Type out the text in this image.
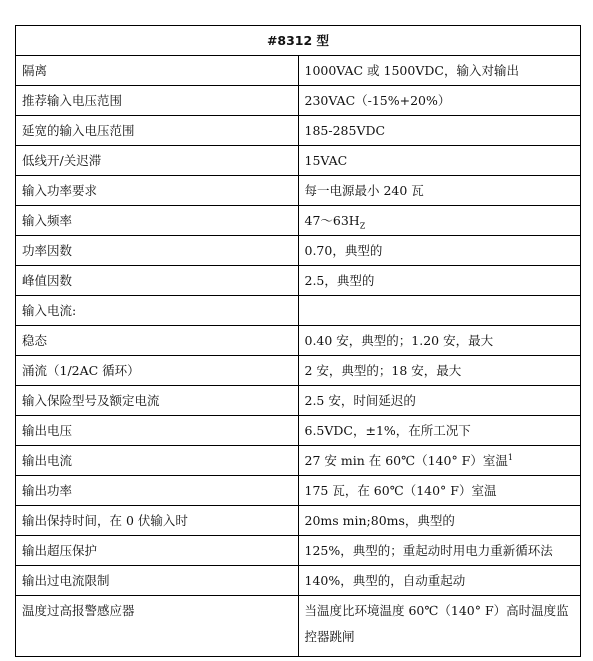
#8312 型	
隔离	1000VAC 或 1500VDC，输入对输出
推荐输入电压范围	230VAC（-15%+20%）
延宽的输入电压范围	185-285VDC
低线开/关迟滞	15VAC
输入功率要求	每一电源最小 240 瓦
输入频率	$47\sim 63H_Z$
功率因数	0.70，典型的
峰值因数	2.5，典型的
输入电流:	
稳态	0.40 安，典型的；1.20 安，最大
涌流（1/2AC 循环）	2 安，典型的；18 安，最大
输入保险型号及额定电流	2.5 安，时间延迟的
输出电压	6.5VDC，±1%，在所工况下
输出电流	27 安 min 在 60℃（140° F）室温$^1$
输出功率	175 瓦，在 60℃（140° F）室温
输出保持时间，在 0 伏输入时	20ms min;80ms，典型的
输出超压保护	125%，典型的；重起动时用电力重新循环法
输出过电流限制	140%，典型的，自动重起动
温度过高报警感应器	当温度比环境温度 60℃（140° F）高时温度监控器跳闸
